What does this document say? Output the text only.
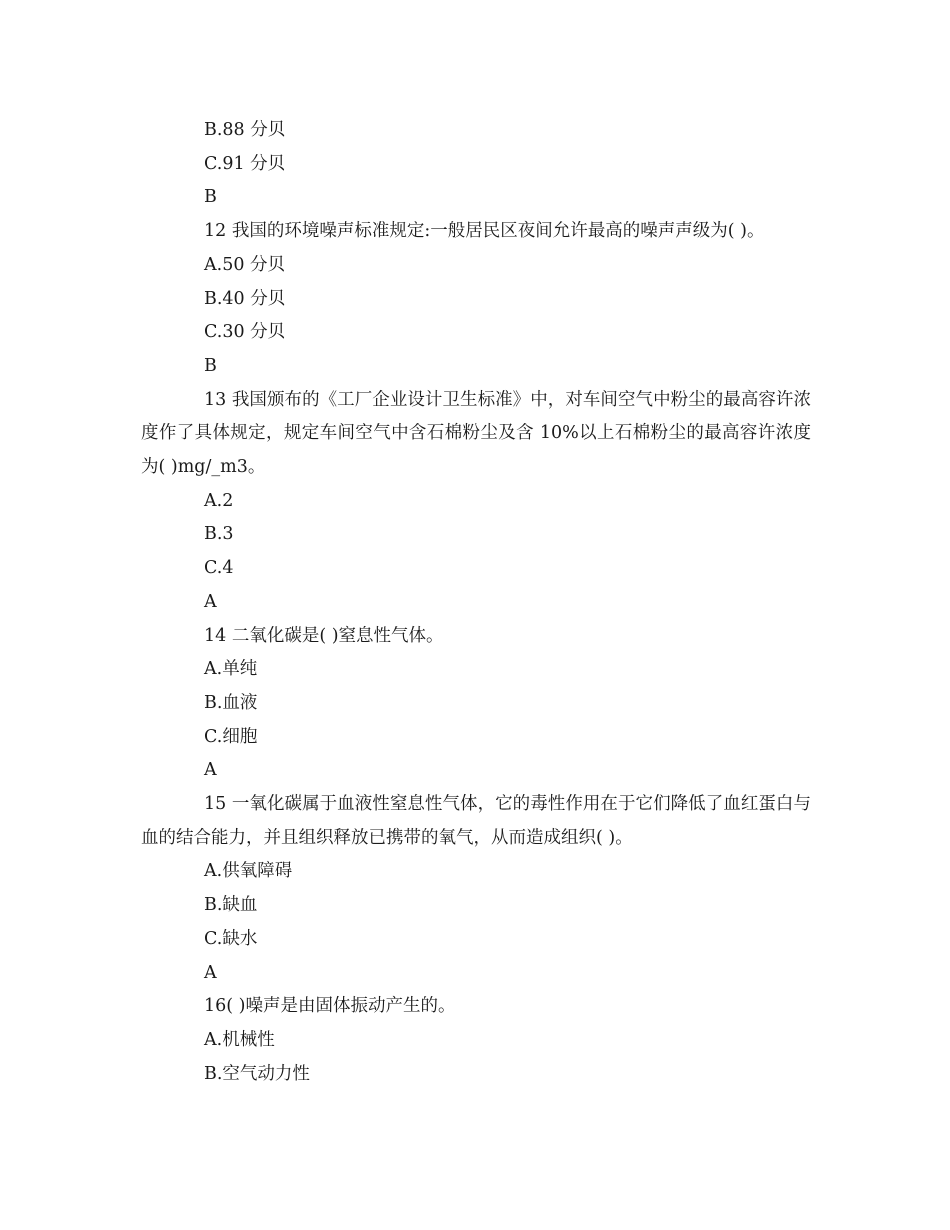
B.88 分贝

C.91 分贝

B

12 我国的环境噪声标准规定:一般居民区夜间允许最高的噪声声级为( )。

A.50 分贝

B.40 分贝

C.30 分贝

B

13 我国颁布的《工厂企业设计卫生标准》中，对车间空气中粉尘的最高容许浓度作了具体规定，规定车间空气中含石棉粉尘及含 10%以上石棉粉尘的最高容许浓度为( )mg/_m3。

A.2

B.3

C.4

A

14 二氧化碳是( )窒息性气体。

A.单纯

B.血液

C.细胞

A

15 一氧化碳属于血液性窒息性气体，它的毒性作用在于它们降低了血红蛋白与血的结合能力，并且组织释放已携带的氧气，从而造成组织( )。

A.供氧障碍

B.缺血

C.缺水

A

16( )噪声是由固体振动产生的。

A.机械性

B.空气动力性
